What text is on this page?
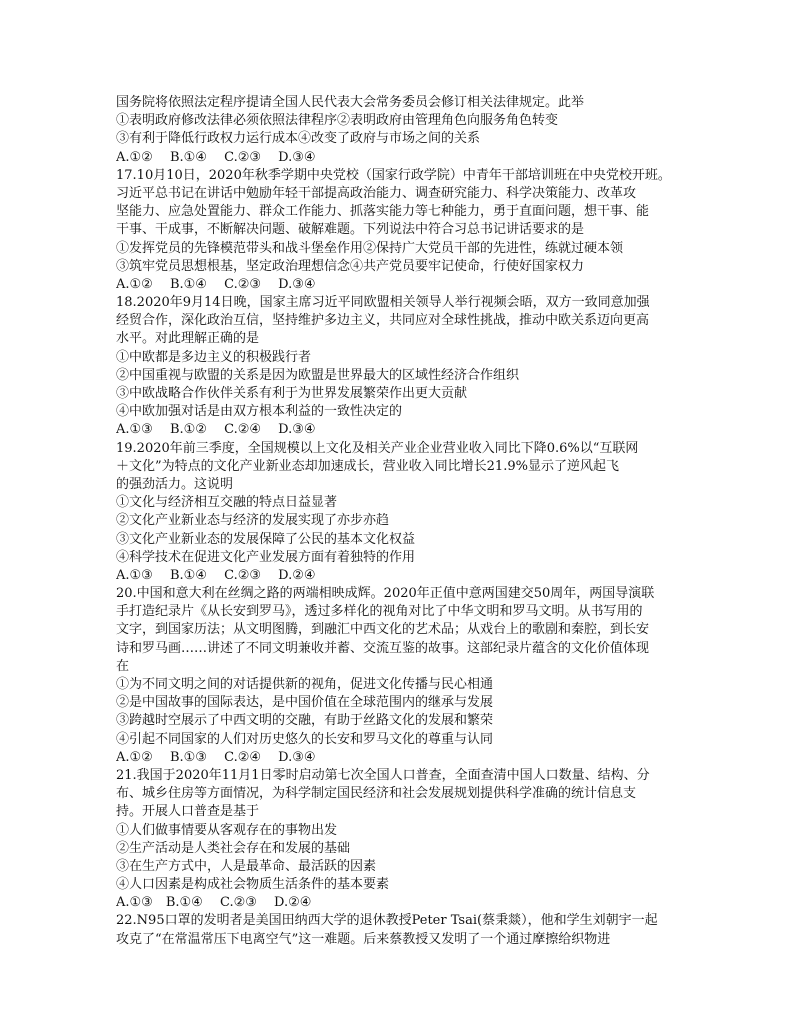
国务院将依照法定程序提请全国人民代表大会常务委员会修订相关法律规定。此举
①表明政府修改法律必须依照法律程序②表明政府由管理角色向服务角色转变
③有利于降低行政权力运行成本④改变了政府与市场之间的关系
A.①②　 B.①④　 C.②③　 D.③④
17.10月10日，2020年秋季学期中央党校（国家行政学院）中青年干部培训班在中央党校开班。
习近平总书记在讲话中勉励年轻干部提高政治能力、调查研究能力、科学决策能力、改革攻
坚能力、应急处置能力、群众工作能力、抓落实能力等七种能力，勇于直面问题，想干事、能
干事、干成事，不断解决问题、破解难题。下列说法中符合习总书记讲话要求的是
①发挥党员的先锋模范带头和战斗堡垒作用②保持广大党员干部的先进性，练就过硬本领
③筑牢党员思想根基，坚定政治理想信念④共产党员要牢记使命，行使好国家权力
A.①②　 B.①④　 C.②③　 D.③④
18.2020年9月14日晚，国家主席习近平同欧盟相关领导人举行视频会晤，双方一致同意加强
经贸合作，深化政治互信，坚持维护多边主义，共同应对全球性挑战，推动中欧关系迈向更高
水平。对此理解正确的是
①中欧都是多边主义的积极践行者
②中国重视与欧盟的关系是因为欧盟是世界最大的区域性经济合作组织
③中欧战略合作伙伴关系有利于为世界发展繁荣作出更大贡献
④中欧加强对话是由双方根本利益的一致性决定的
A.①③　 B.①②　 C.②④　 D.③④
19.2020年前三季度，全国规模以上文化及相关产业企业营业收入同比下降0.6%以“互联网
＋文化”为特点的文化产业新业态却加速成长，营业收入同比增长21.9%显示了逆风起飞
的强劲活力。这说明
①文化与经济相互交融的特点日益显著
②文化产业新业态与经济的发展实现了亦步亦趋
③文化产业新业态的发展保障了公民的基本文化权益
④科学技术在促进文化产业发展方面有着独特的作用
A.①③　 B.①④　 C.②③　 D.②④
20.中国和意大利在丝绸之路的两端相映成辉。2020年正值中意两国建交50周年，两国导演联
手打造纪录片《从长安到罗马》，透过多样化的视角对比了中华文明和罗马文明。从书写用的
文字，到国家历法；从文明图腾，到融汇中西文化的艺术品；从戏台上的歌剧和秦腔，到长安
诗和罗马画……讲述了不同文明兼收并蓄、交流互鉴的故事。这部纪录片蕴含的文化价值体现
在
①为不同文明之间的对话提供新的视角，促进文化传播与民心相通
②是中国故事的国际表达，是中国价值在全球范围内的继承与发展
③跨越时空展示了中西文明的交融，有助于丝路文化的发展和繁荣
④引起不同国家的人们对历史悠久的长安和罗马文化的尊重与认同
A.①②　 B.①③　 C.②④　 D.③④
21.我国于2020年11月1日零时启动第七次全国人口普查，全面查清中国人口数量、结构、分
布、城乡住房等方面情况，为科学制定国民经济和社会发展规划提供科学准确的统计信息支
持。开展人口普查是基于
①人们做事情要从客观存在的事物出发
②生产活动是人类社会存在和发展的基础
③在生产方式中，人是最革命、最活跃的因素
④人口因素是构成社会物质生活条件的基本要素
A.①③　B.①④　 C.②③　 D.②④
22.N95口罩的发明者是美国田纳西大学的退休教授Peter Tsai(蔡秉燚），他和学生刘朝宇一起
攻克了“在常温常压下电离空气”这一难题。后来蔡教授又发明了一个通过摩擦给织物进
